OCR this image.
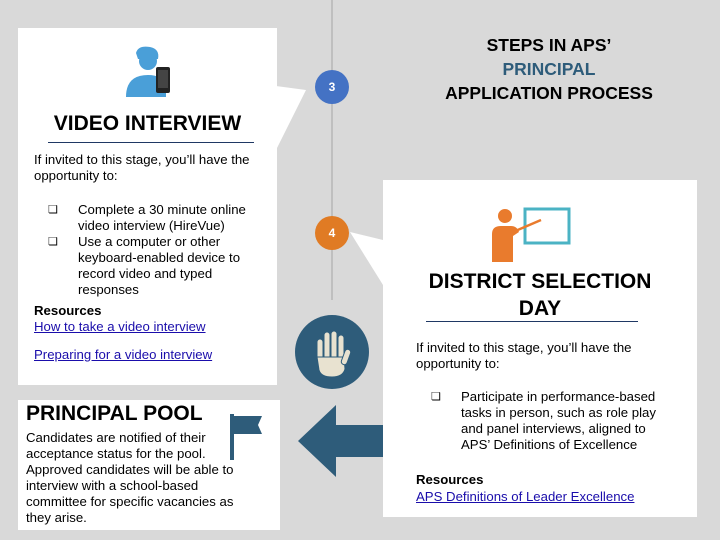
STEPS IN APS’
PRINCIPAL
APPLICATION PROCESS
3
4
VIDEO INTERVIEW

If invited to this stage, you’ll have the opportunity to:

❏ Complete a 30 minute online video interview (HireVue)
❏ Use a computer or other keyboard-enabled device to record video and typed responses

Resources

How to take a video interview
Preparing for a video interview
DISTRICT SELECTION
DAY

If invited to this stage, you’ll have the opportunity to:

❏ Participate in performance-based tasks in person, such as role play and panel interviews, aligned to APS’ Definitions of Excellence

Resources

APS Definitions of Leader Excellence
PRINCIPAL POOL

Candidates are notified of their acceptance status for the pool. Approved candidates will be able to interview with a school-based committee for specific vacancies as they arise.
